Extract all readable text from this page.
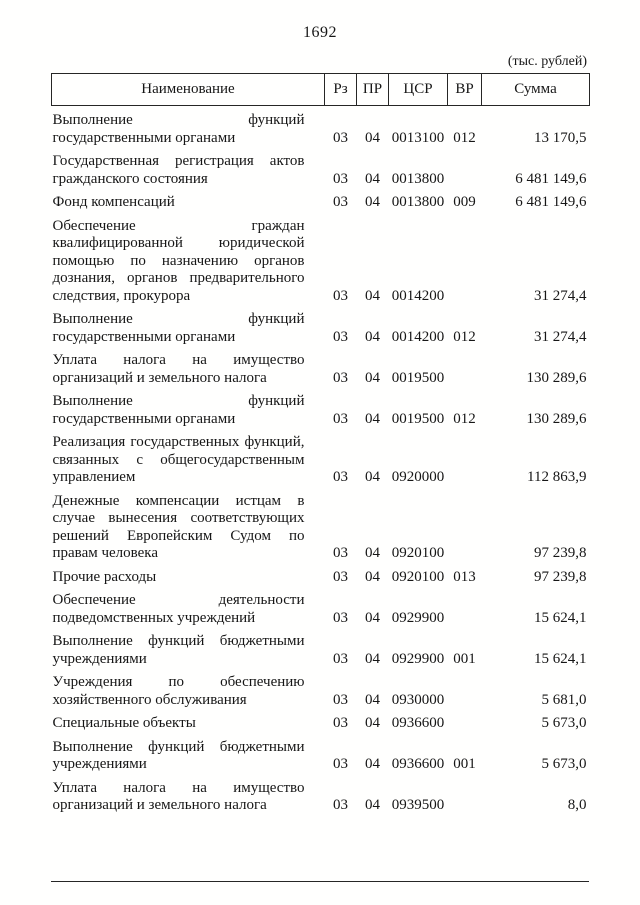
1692
(тыс. рублей)
Наименование	Рз	ПР	ЦСР	ВР	Сумма
Выполнение функций государственными органами	03	04	0013100	012	13 170,5
Государственная регистрация актов гражданского состояния	03	04	0013800		6 481 149,6
Фонд компенсаций	03	04	0013800	009	6 481 149,6
Обеспечение граждан квалифицированной юридической помощью по назначению органов дознания, органов предварительного следствия, прокурора	03	04	0014200		31 274,4
Выполнение функций государственными органами	03	04	0014200	012	31 274,4
Уплата налога на имущество организаций и земельного налога	03	04	0019500		130 289,6
Выполнение функций государственными органами	03	04	0019500	012	130 289,6
Реализация государственных функций, связанных с общегосударственным управлением	03	04	0920000		112 863,9
Денежные компенсации истцам в случае вынесения соответствующих решений Европейским Судом по правам человека	03	04	0920100		97 239,8
Прочие расходы	03	04	0920100	013	97 239,8
Обеспечение деятельности подведомственных учреждений	03	04	0929900		15 624,1
Выполнение функций бюджетными учреждениями	03	04	0929900	001	15 624,1
Учреждения по обеспечению хозяйственного обслуживания	03	04	0930000		5 681,0
Специальные объекты	03	04	0936600		5 673,0
Выполнение функций бюджетными учреждениями	03	04	0936600	001	5 673,0
Уплата налога на имущество организаций и земельного налога	03	04	0939500		8,0
